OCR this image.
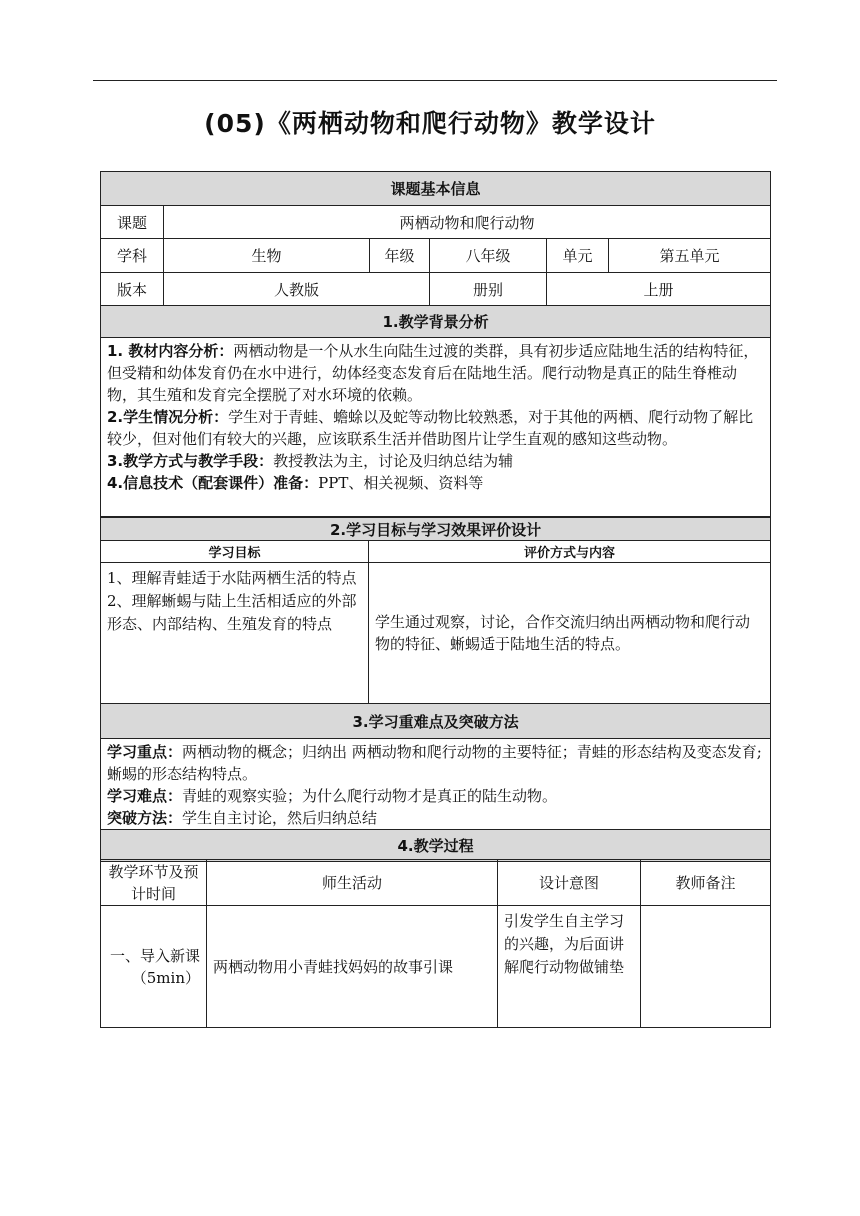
(05)《两栖动物和爬行动物》教学设计
课题基本信息					
课题	两栖动物和爬行动物				
学科	生物	年级	八年级	单元	第五单元
版本	人教版		册别	上册	
1.教学背景分析					

1. 教材内容分析：两栖动物是一个从水生向陆生过渡的类群，具有初步适应陆地生活的结构特征，但受精和幼体发育仍在水中进行，幼体经变态发育后在陆地生活。爬行动物是真正的陆生脊椎动物，其生殖和发育完全摆脱了对水环境的依赖。
2.学生情况分析：学生对于青蛙、蟾蜍以及蛇等动物比较熟悉，对于其他的两栖、爬行动物了解比较少，但对他们有较大的兴趣，应该联系生活并借助图片让学生直观的感知这些动物。
3.教学方式与教学手段：教授教法为主，讨论及归纳总结为辅
4.信息技术（配套课件）准备：PPT、相关视频、资料等					
2.学习目标与学习效果评价设计	
学习目标	评价方式与内容

1、理解青蛙适于水陆两栖生活的特点
2、理解蜥蜴与陆上生活相适应的外部形态、内部结构、生殖发育的特点	学生通过观察，讨论，合作交流归纳出两栖动物和爬行动物的特征、蜥蜴适于陆地生活的特点。
3.学习重难点及突破方法	

学习重点：两栖动物的概念；归纳出 两栖动物和爬行动物的主要特征；青蛙的形态结构及变态发育;蜥蜴的形态结构特点。
学习难点：青蛙的观察实验；为什么爬行动物才是真正的陆生动物。
突破方法：学生自主讨论，然后归纳总结	

4.教学过程	
教学环节及预计时间	师生活动	设计意图	教师备注
一、导入新课（5min）	两栖动物用小青蛙找妈妈的故事引课	引发学生自主学习的兴趣，为后面讲解爬行动物做铺垫	
